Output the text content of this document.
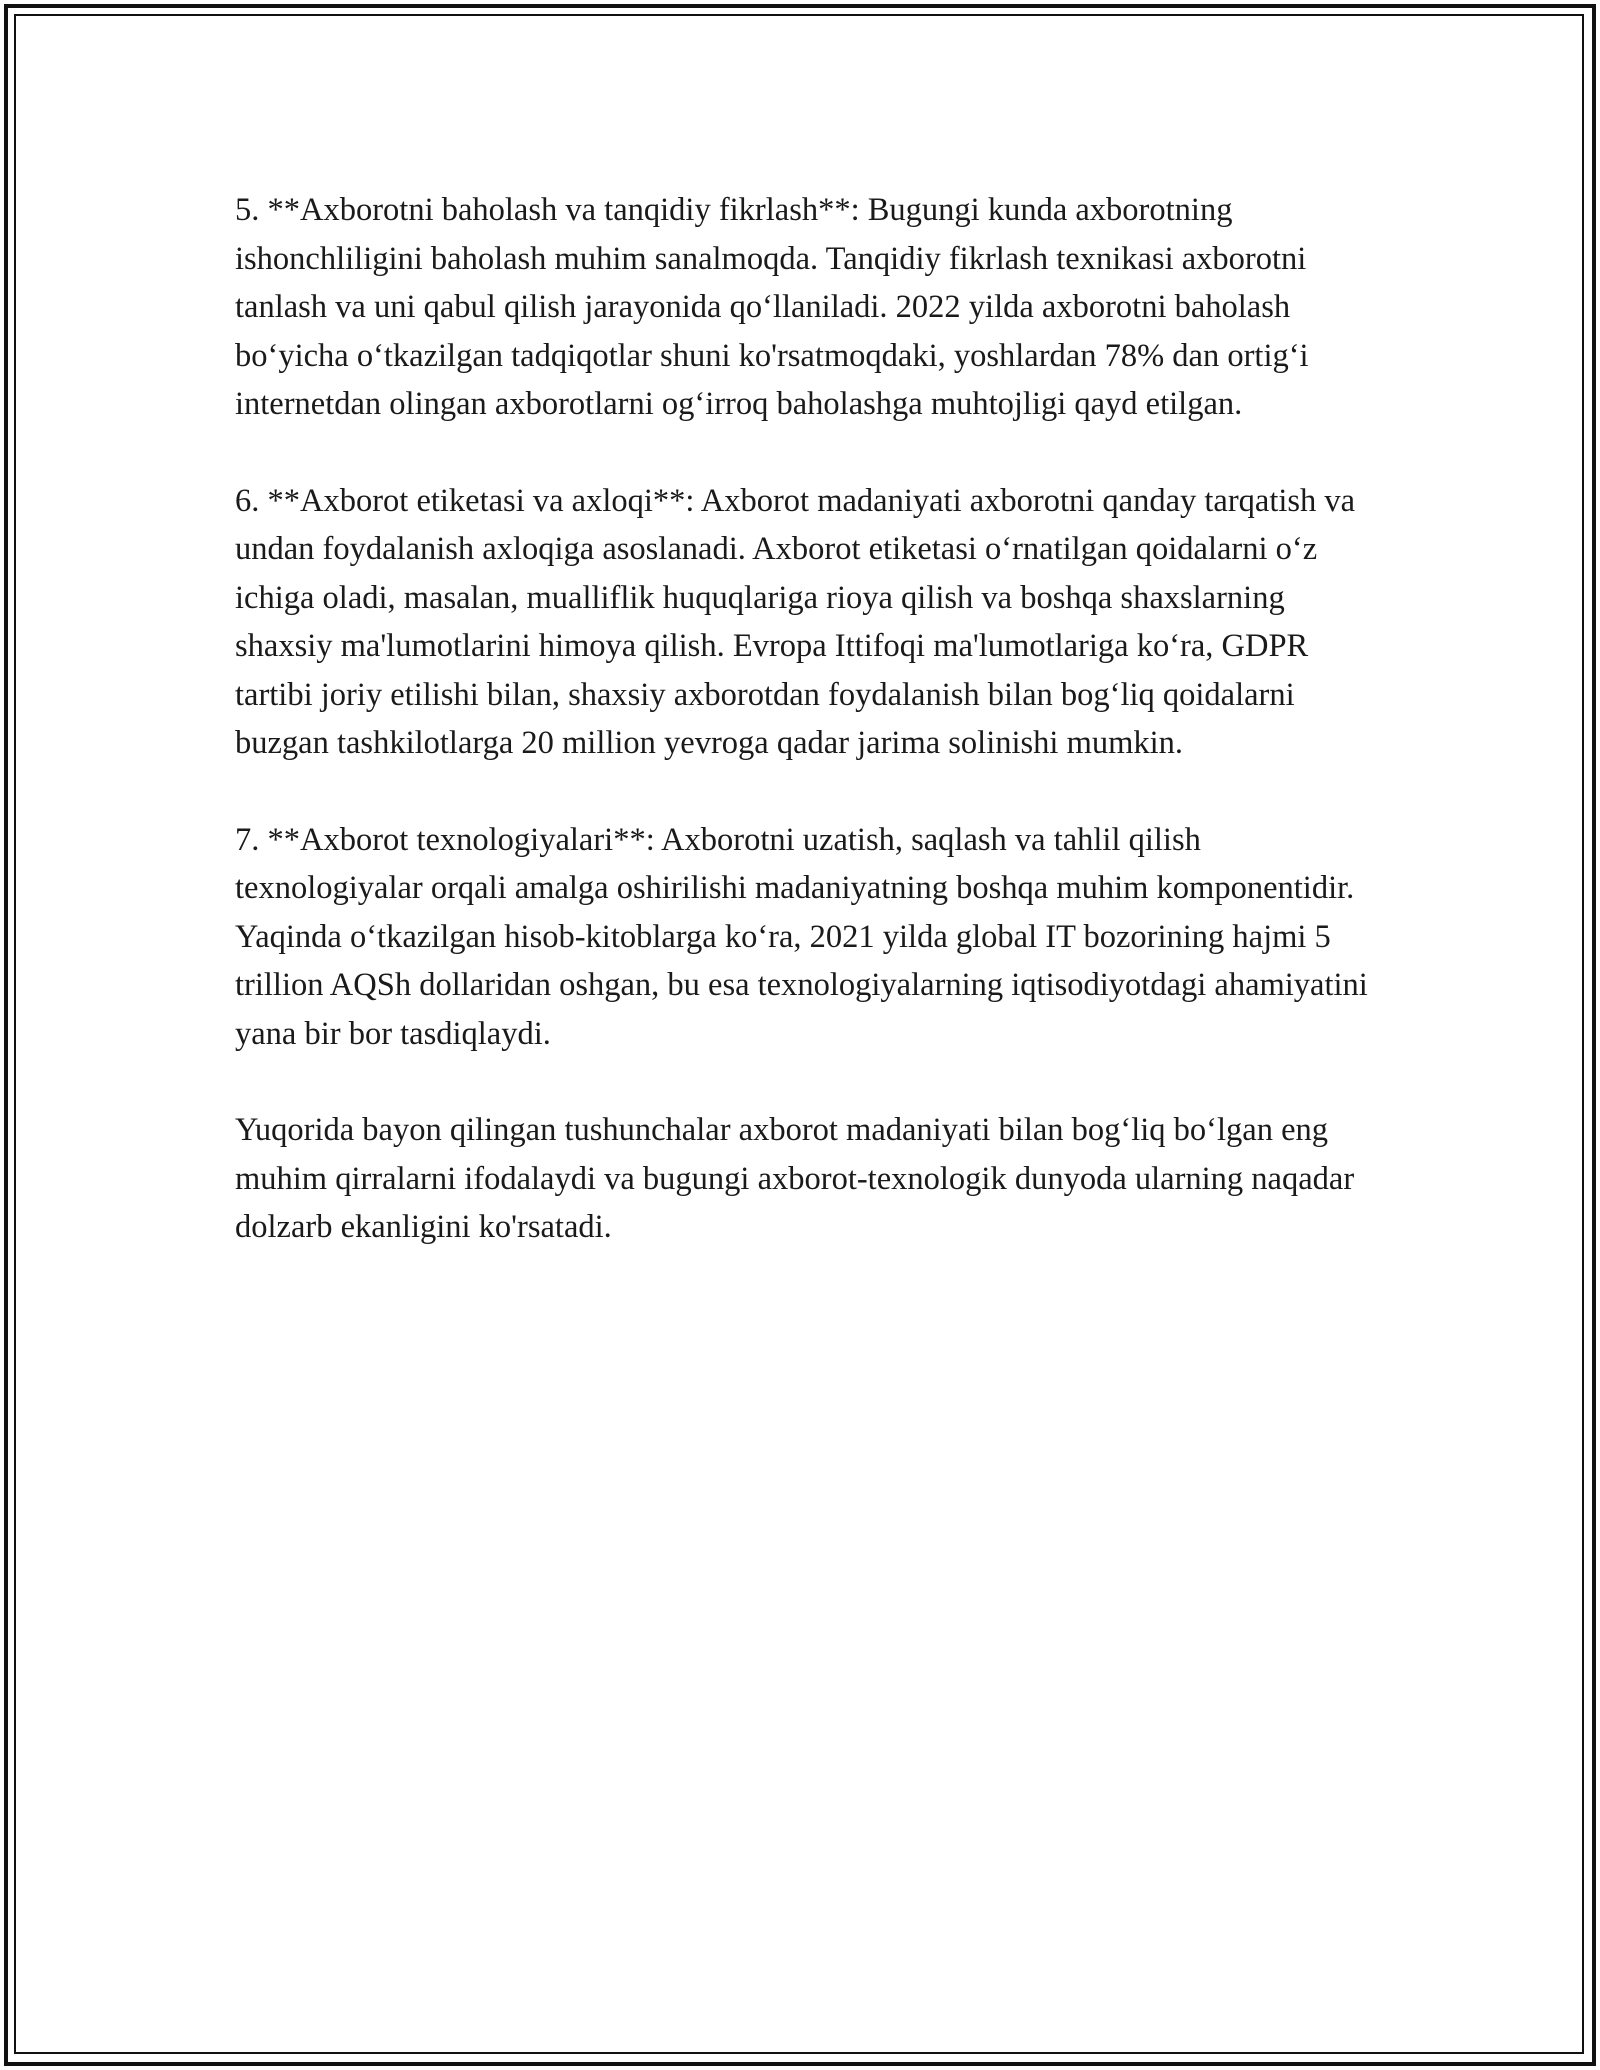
5. **Axborotni baholash va tanqidiy fikrlash**: Bugungi kunda axborotning ishonchliligini baholash muhim sanalmoqda. Tanqidiy fikrlash texnikasi axborotni tanlash va uni qabul qilish jarayonida qo‘llaniladi. 2022 yilda axborotni baholash bo‘yicha o‘tkazilgan tadqiqotlar shuni ko'rsatmoqdaki, yoshlardan 78% dan ortig‘i internetdan olingan axborotlarni og‘irroq baholashga muhtojligi qayd etilgan.

6. **Axborot etiketasi va axloqi**: Axborot madaniyati axborotni qanday tarqatish va undan foydalanish axloqiga asoslanadi. Axborot etiketasi o‘rnatilgan qoidalarni o‘z ichiga oladi, masalan, mualliflik huquqlariga rioya qilish va boshqa shaxslarning shaxsiy ma'lumotlarini himoya qilish. Evropa Ittifoqi ma'lumotlariga ko‘ra, GDPR tartibi joriy etilishi bilan, shaxsiy axborotdan foydalanish bilan bog‘liq qoidalarni buzgan tashkilotlarga 20 million yevroga qadar jarima solinishi mumkin.

7. **Axborot texnologiyalari**: Axborotni uzatish, saqlash va tahlil qilish texnologiyalar orqali amalga oshirilishi madaniyatning boshqa muhim komponentidir. Yaqinda o‘tkazilgan hisob-kitoblarga ko‘ra, 2021 yilda global IT bozorining hajmi 5 trillion AQSh dollaridan oshgan, bu esa texnologiyalarning iqtisodiyotdagi ahamiyatini yana bir bor tasdiqlaydi.

Yuqorida bayon qilingan tushunchalar axborot madaniyati bilan bog‘liq bo‘lgan eng muhim qirralarni ifodalaydi va bugungi axborot-texnologik dunyoda ularning naqadar dolzarb ekanligini ko'rsatadi.
